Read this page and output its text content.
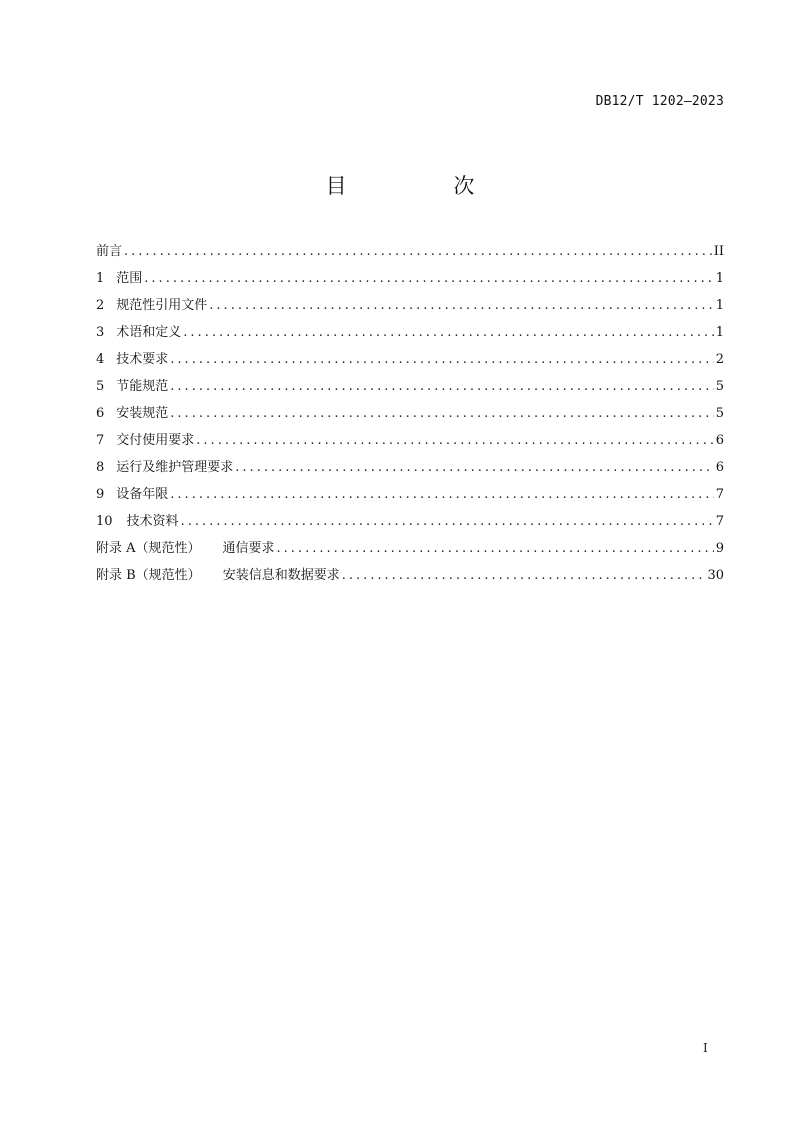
DB12/T 1202—2023
目 次
前言 .....	II
1 范围 .....	1
2 规范性引用文件 .....	1
3 术语和定义 .....	1
4 技术要求 .....	2
5 节能规范 .....	5
6 安装规范 .....	5
7 交付使用要求 .....	6
8 运行及维护管理要求 .....	6
9 设备年限 .....	7
10 技术资料 .....	7
附录 A（规范性） 通信要求 .....	9
附录 B（规范性） 安装信息和数据要求 .....	30
I
